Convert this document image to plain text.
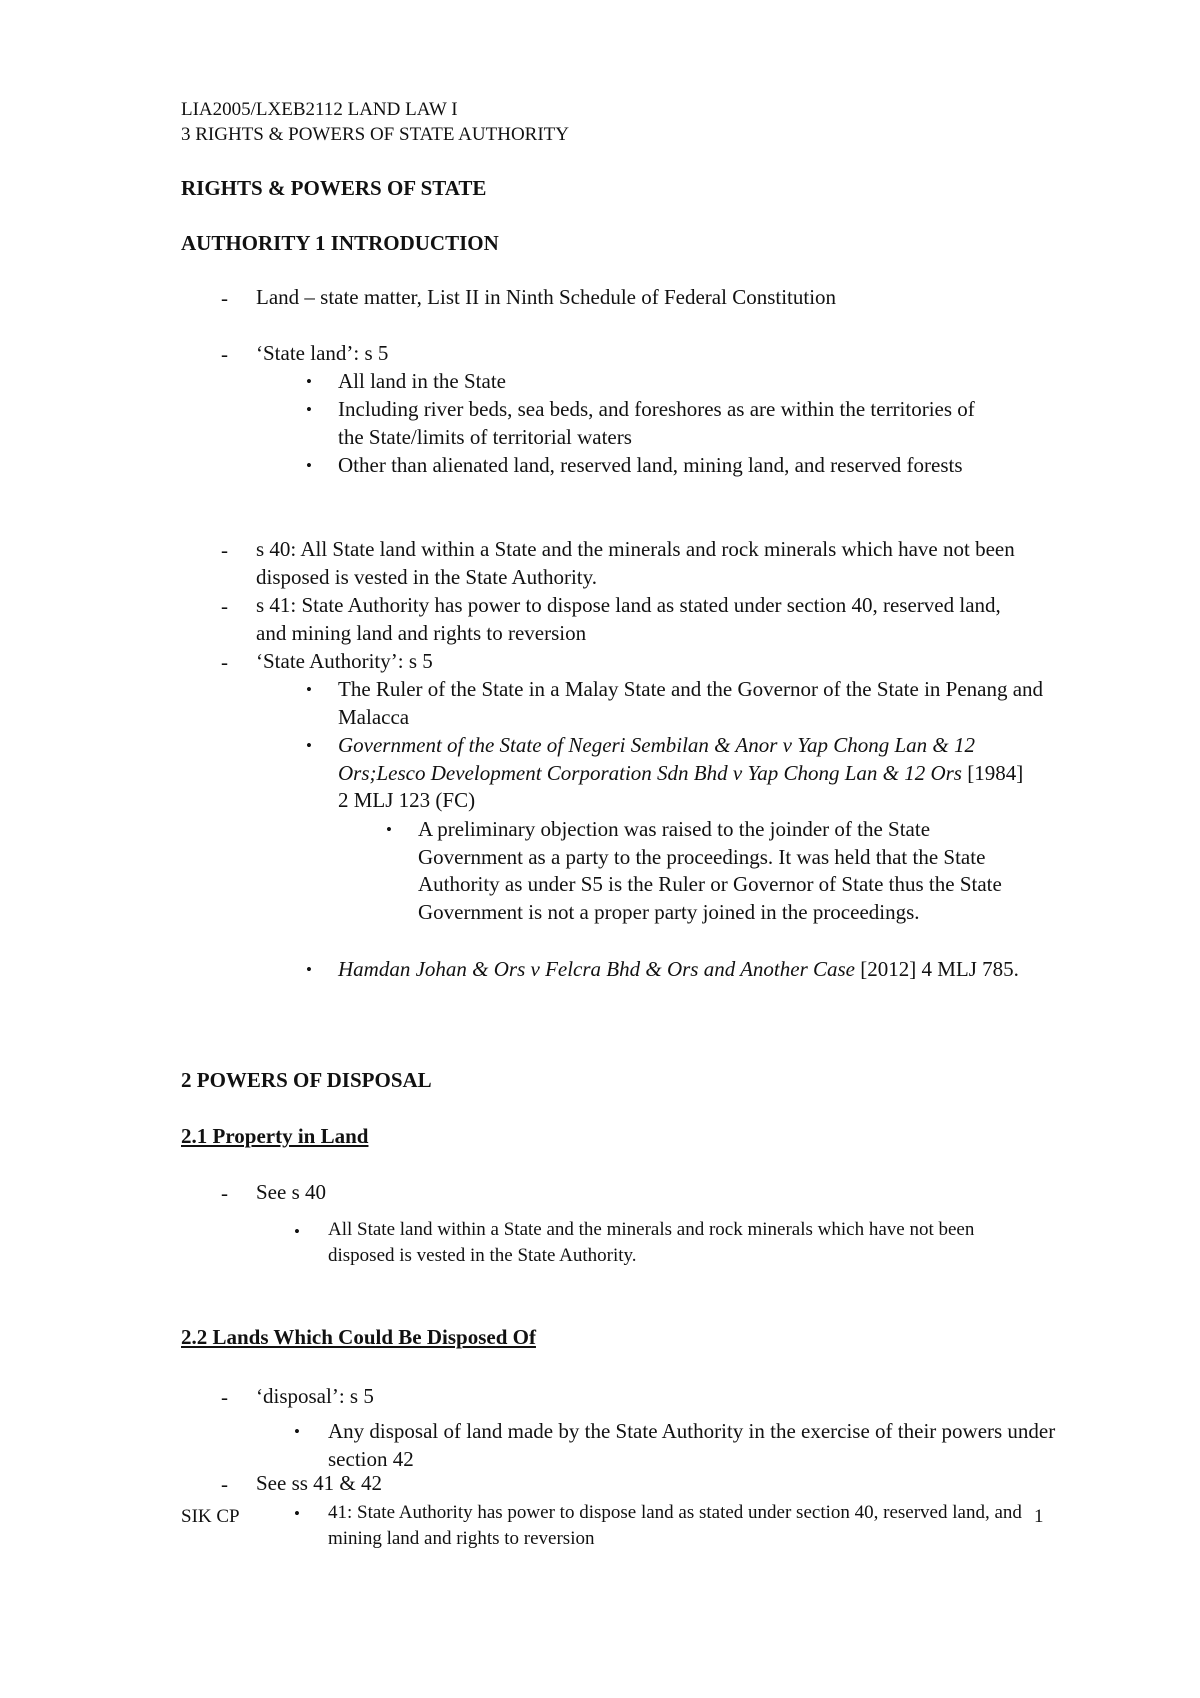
LIA2005/LXEB2112 LAND LAW I
3 RIGHTS & POWERS OF STATE AUTHORITY
RIGHTS & POWERS OF STATE
AUTHORITY 1 INTRODUCTION
- Land – state matter, List II in Ninth Schedule of Federal Constitution
- ‘State land’: s 5
• All land in the State
• Including river beds, sea beds, and foreshores as are within the territories of the State/limits of territorial waters
• Other than alienated land, reserved land, mining land, and reserved forests
- s 40: All State land within a State and the minerals and rock minerals which have not been disposed is vested in the State Authority.
- s 41: State Authority has power to dispose land as stated under section 40, reserved land, and mining land and rights to reversion
- ‘State Authority’: s 5
• The Ruler of the State in a Malay State and the Governor of the State in Penang and Malacca
• Government of the State of Negeri Sembilan & Anor v Yap Chong Lan & 12 Ors;Lesco Development Corporation Sdn Bhd v Yap Chong Lan & 12 Ors [1984] 2 MLJ 123 (FC)
• A preliminary objection was raised to the joinder of the State Government as a party to the proceedings. It was held that the State Authority as under S5 is the Ruler or Governor of State thus the State Government is not a proper party joined in the proceedings.
• Hamdan Johan & Ors v Felcra Bhd & Ors and Another Case [2012] 4 MLJ 785.
2 POWERS OF DISPOSAL
2.1 Property in Land
- See s 40
• All State land within a State and the minerals and rock minerals which have not been disposed is vested in the State Authority.
2.2 Lands Which Could Be Disposed Of
- ‘disposal’: s 5
• Any disposal of land made by the State Authority in the exercise of their powers under section 42
- See ss 41 & 42
• 41: State Authority has power to dispose land as stated under section 40, reserved land, and mining land and rights to reversion
SIK CP	1
